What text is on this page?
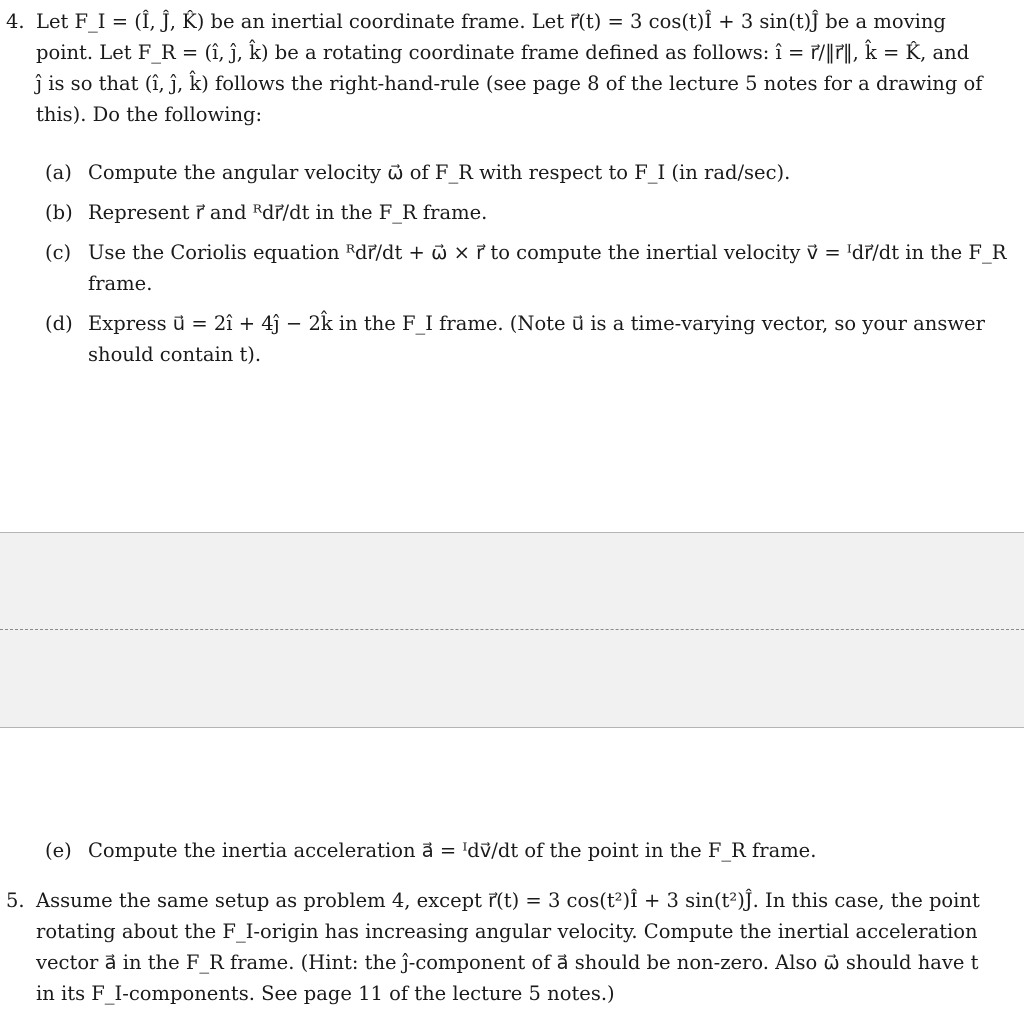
4. Let F_I = (Î, Ĵ, K̂) be an inertial coordinate frame. Let r⃗(t) = 3 cos(t)Î + 3 sin(t)Ĵ be a moving
point. Let F_R = (î, ĵ, k̂) be a rotating coordinate frame defined as follows: î = r⃗/‖r⃗‖, k̂ = K̂, and
ĵ is so that (î, ĵ, k̂) follows the right-hand-rule (see page 8 of the lecture 5 notes for a drawing of
this). Do the following:
(a) Compute the angular velocity ω⃗ of F_R with respect to F_I (in rad/sec).
(b) Represent r⃗ and ᴿdr⃗/dt in the F_R frame.
(c) Use the Coriolis equation ᴿdr⃗/dt + ω⃗ × r⃗ to compute the inertial velocity v⃗ = ᴵdr⃗/dt in the F_R
frame.
(d) Express u⃗ = 2î + 4ĵ − 2k̂ in the F_I frame. (Note u⃗ is a time-varying vector, so your answer
should contain t).
(e) Compute the inertia acceleration a⃗ = ᴵdv⃗/dt of the point in the F_R frame.
5. Assume the same setup as problem 4, except r⃗(t) = 3 cos(t²)Î + 3 sin(t²)Ĵ. In this case, the point
rotating about the F_I-origin has increasing angular velocity. Compute the inertial acceleration
vector a⃗ in the F_R frame. (Hint: the ĵ-component of a⃗ should be non-zero. Also ω⃗ should have t
in its F_I-components. See page 11 of the lecture 5 notes.)
